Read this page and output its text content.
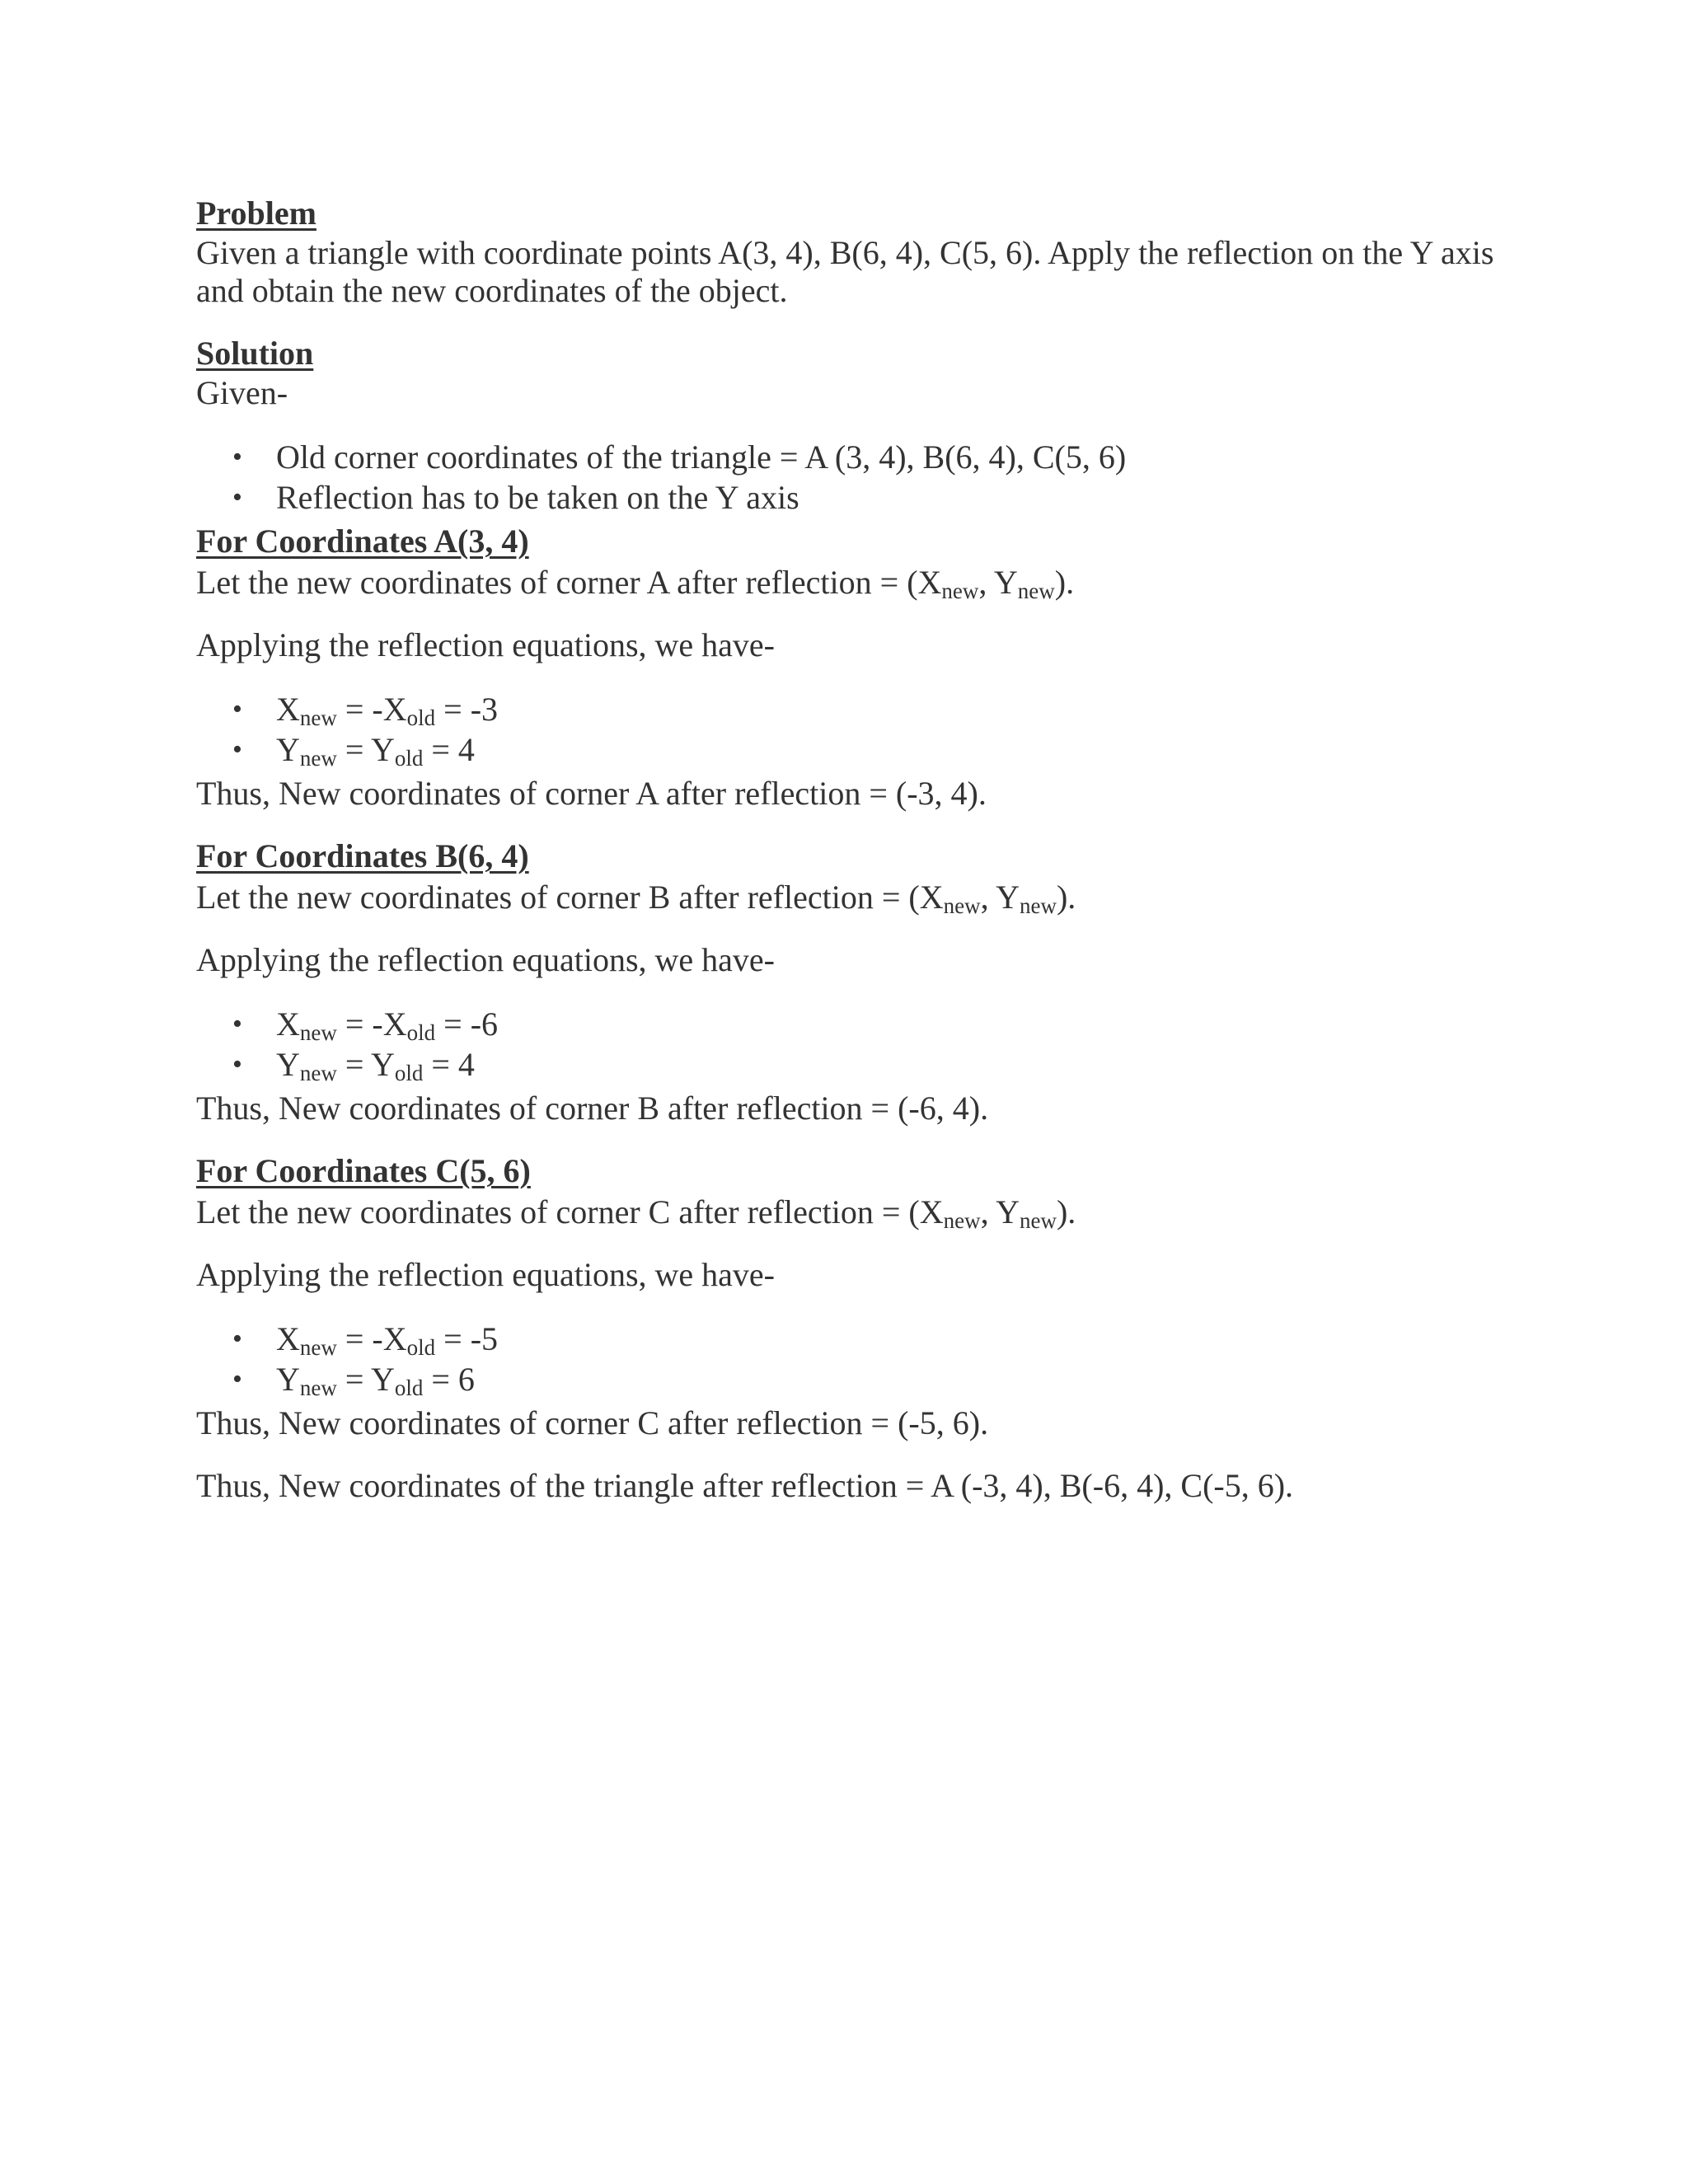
Problem

Given a triangle with coordinate points A(3, 4), B(6, 4), C(5, 6). Apply the reflection on the Y axis and obtain the new coordinates of the object.

Solution

Given-

• Old corner coordinates of the triangle = A (3, 4), B(6, 4), C(5, 6)
• Reflection has to be taken on the Y axis
For Coordinates A(3, 4)

Let the new coordinates of corner A after reflection = ($X_{new}$, $Y_{new}$).

Applying the reflection equations, we have-

• $X_{new} = -X_{old} = -3$
• $Y_{new} = Y_{old} = 4$

Thus, New coordinates of corner A after reflection = (-3, 4).

For Coordinates B(6, 4)

Let the new coordinates of corner B after reflection = ($X_{new}$, $Y_{new}$).

Applying the reflection equations, we have-

• $X_{new} = -X_{old} = -6$
• $Y_{new} = Y_{old} = 4$

Thus, New coordinates of corner B after reflection = (-6, 4).

For Coordinates C(5, 6)

Let the new coordinates of corner C after reflection = ($X_{new}$, $Y_{new}$).

Applying the reflection equations, we have-

• $X_{new} = -X_{old} = -5$
• $Y_{new} = Y_{old} = 6$

Thus, New coordinates of corner C after reflection = (-5, 6).

Thus, New coordinates of the triangle after reflection = A (-3, 4), B(-6, 4), C(-5, 6).
